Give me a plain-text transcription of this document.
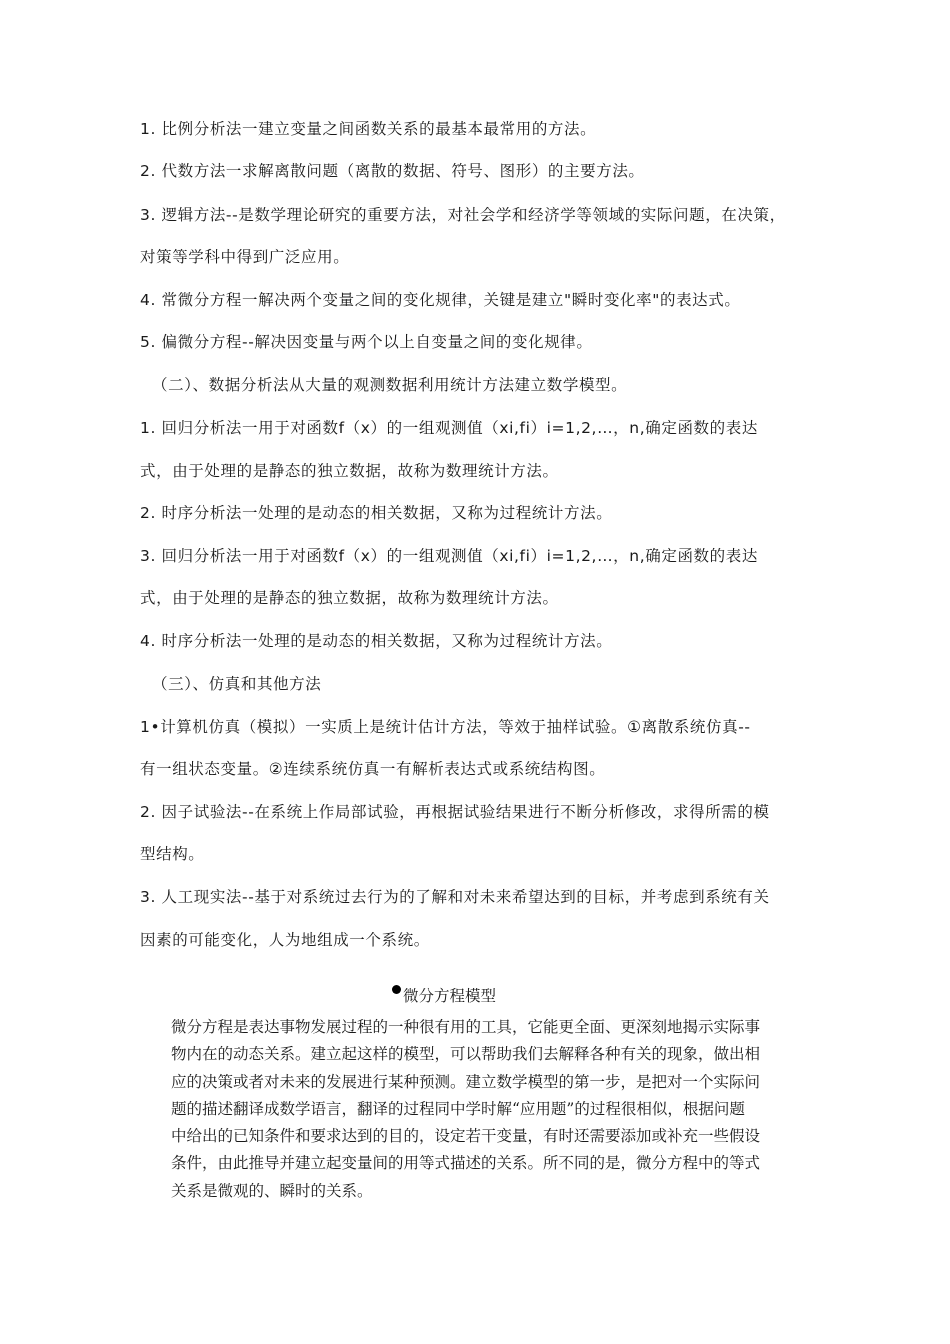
1. 比例分析法一建立变量之间函数关系的最基本最常用的方法。
2. 代数方法一求解离散问题（离散的数据、符号、图形）的主要方法。
3. 逻辑方法--是数学理论研究的重要方法，对社会学和经济学等领域的实际问题，在决策，
对策等学科中得到广泛应用。
4. 常微分方程一解决两个变量之间的变化规律，关键是建立"瞬时变化率"的表达式。
5. 偏微分方程--解决因变量与两个以上自变量之间的变化规律。
（二）、数据分析法从大量的观测数据利用统计方法建立数学模型。
1. 回归分析法一用于对函数f（x）的一组观测值（xi,fi）i=1,2,…，n,确定函数的表达
式，由于处理的是静态的独立数据，故称为数理统计方法。
2. 时序分析法一处理的是动态的相关数据，又称为过程统计方法。
3. 回归分析法一用于对函数f（x）的一组观测值（xi,fi）i=1,2,…，n,确定函数的表达
式，由于处理的是静态的独立数据，故称为数理统计方法。
4. 时序分析法一处理的是动态的相关数据，又称为过程统计方法。
（三）、仿真和其他方法
1•计算机仿真（模拟）一实质上是统计估计方法，等效于抽样试验。①离散系统仿真--
有一组状态变量。②连续系统仿真一有解析表达式或系统结构图。
2. 因子试验法--在系统上作局部试验，再根据试验结果进行不断分析修改，求得所需的模
型结构。
3. 人工现实法--基于对系统过去行为的了解和对未来希望达到的目标，并考虑到系统有关
因素的可能变化，人为地组成一个系统。
微分方程模型
微分方程是表达事物发展过程的一种很有用的工具，它能更全面、更深刻地揭示实际事
物内在的动态关系。建立起这样的模型，可以帮助我们去解释各种有关的现象，做出相
应的决策或者对未来的发展进行某种预测。建立数学模型的第一步，是把对一个实际问
题的描述翻译成数学语言，翻译的过程同中学时解“应用题”的过程很相似，根据问题
中给出的已知条件和要求达到的目的，设定若干变量，有时还需要添加或补充一些假设
条件，由此推导并建立起变量间的用等式描述的关系。所不同的是，微分方程中的等式
关系是微观的、瞬时的关系。
